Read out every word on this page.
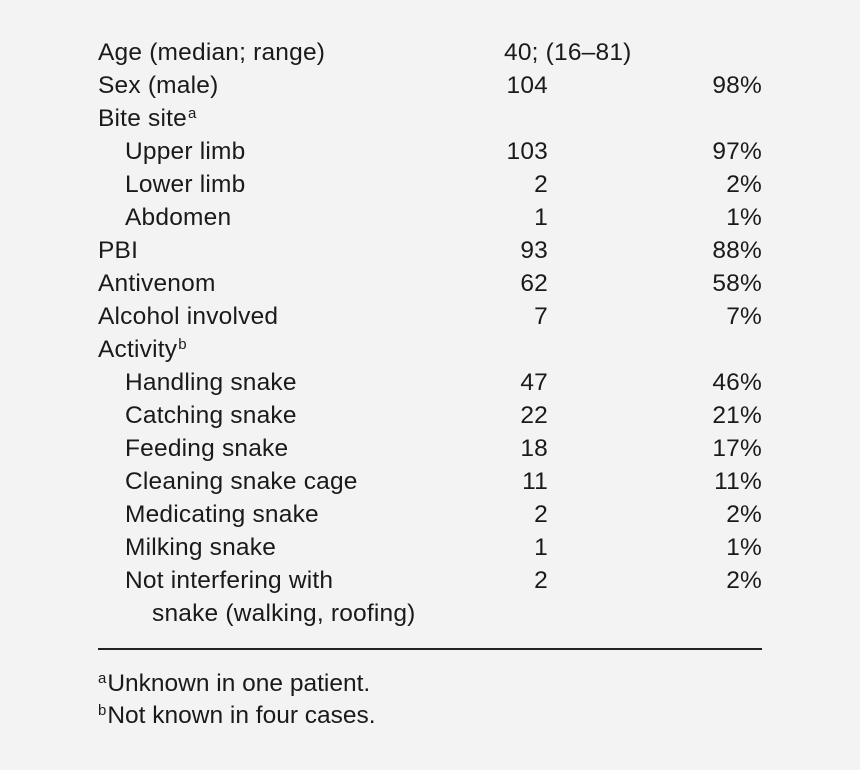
Age (median; range)	40; (16–81)
Sex (male)	104	98%
Bite site$^a$
Upper limb	103	97%
Lower limb	2	2%
Abdomen	1	1%
PBI	93	88%
Antivenom	62	58%
Alcohol involved	7	7%
Activity$^b$
Handling snake	47	46%
Catching snake	22	21%
Feeding snake	18	17%
Cleaning snake cage	11	11%
Medicating snake	2	2%
Milking snake	1	1%
Not interfering with	2	2%
snake (walking, roofing)
$^a$Unknown in one patient.
$^b$Not known in four cases.
